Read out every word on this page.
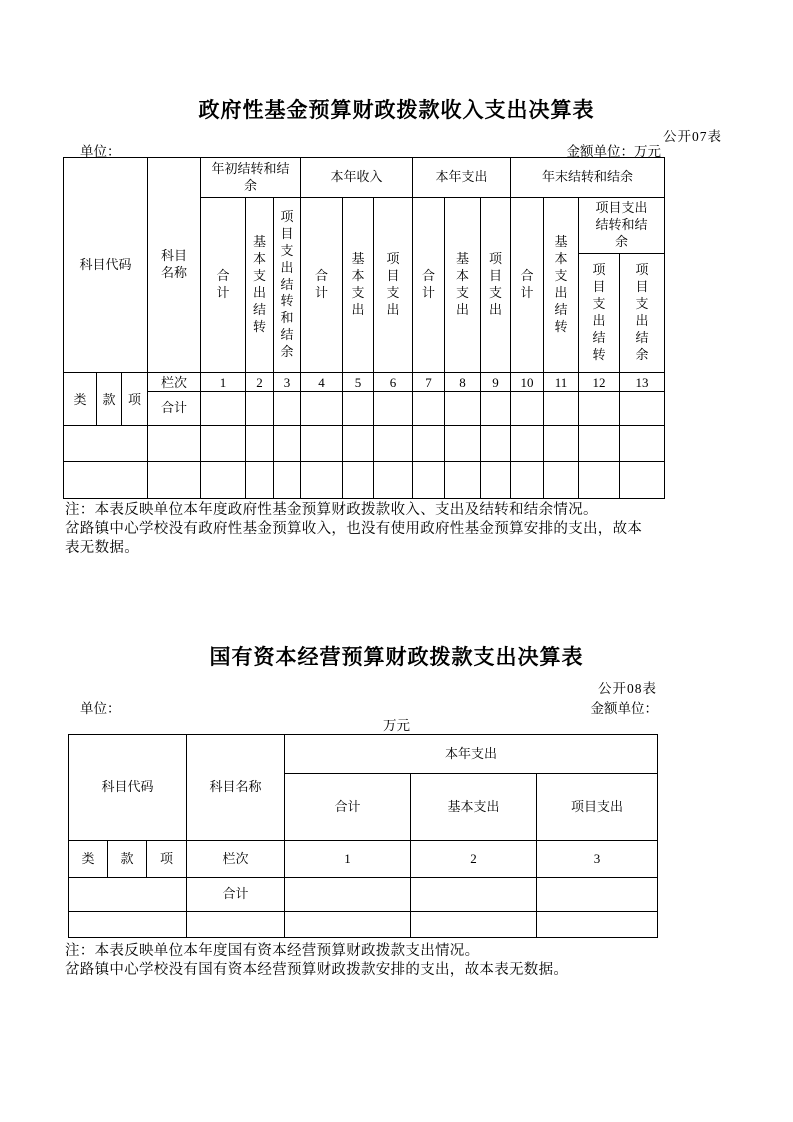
政府性基金预算财政拨款收入支出决算表
公开07表
单位：	金额单位：万元
科目代码			科目名称	年初结转和结余			本年收入			本年支出			年末结转和结余			
				合计	基本支出结转	项目支出结转和结余	合计	基本支出	项目支出	合计	基本支出	项目支出	合计	基本支出结转	项目支出结转和结余	
															项目支出结转	项目支出结余
类	款	项	栏次	1	2	3	4	5	6	7	8	9	10	11	12	13
			合计													

注：本表反映单位本年度政府性基金预算财政拨款收入、支出及结转和结余情况。
岔路镇中心学校没有政府性基金预算收入，也没有使用政府性基金预算安排的支出，故本
表无数据。
国有资本经营预算财政拨款支出决算表
公开08表
单位：	金额单位：
万元
科目代码			科目名称	本年支出		
				合计	基本支出	项目支出
类	款	项	栏次	1	2	3
			合计			

注：本表反映单位本年度国有资本经营预算财政拨款支出情况。
岔路镇中心学校没有国有资本经营预算财政拨款安排的支出，故本表无数据。
